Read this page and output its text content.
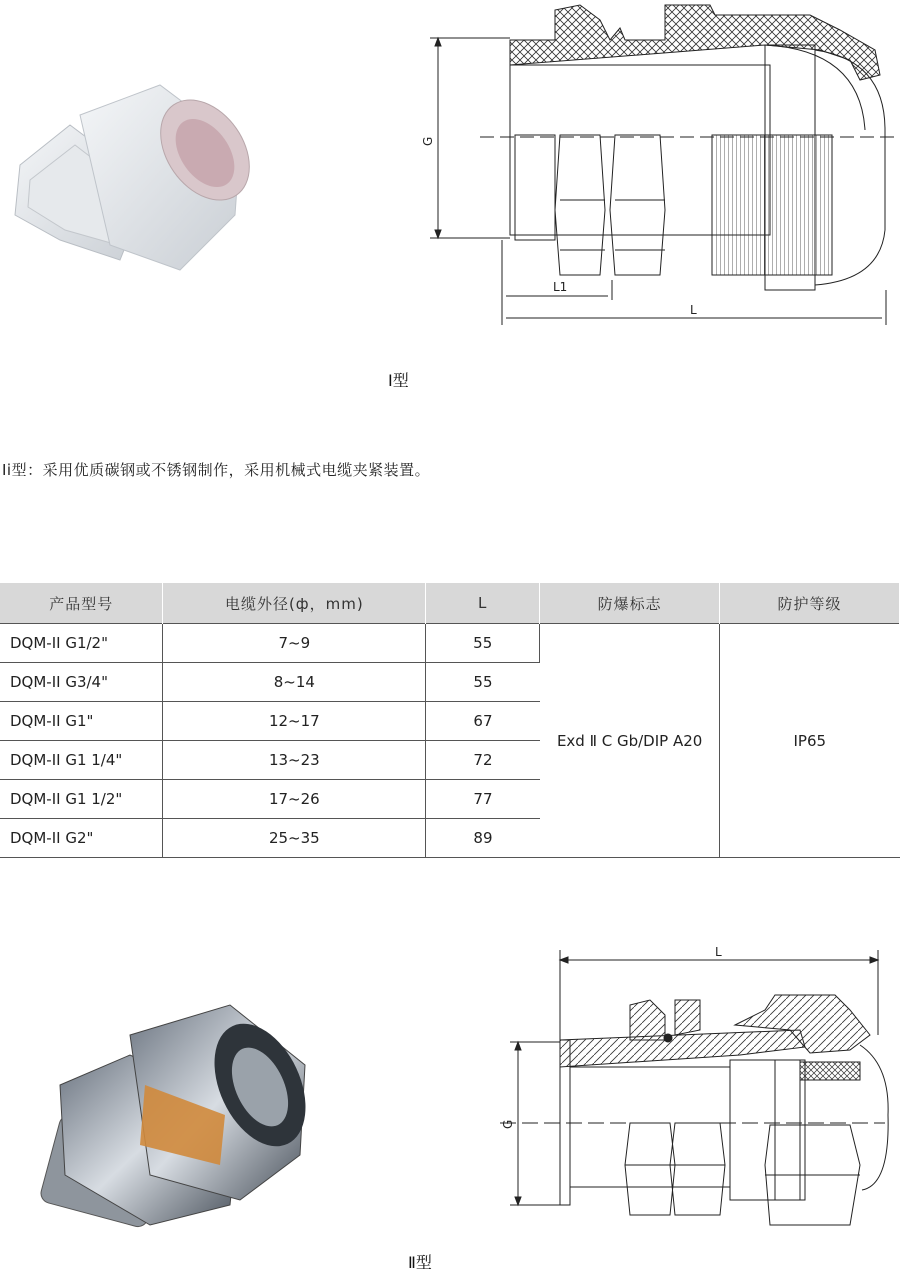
G
L1
L
Ⅰ型
Ii型：采用优质碳钢或不锈钢制作，采用机械式电缆夹紧装置。
产品型号	电缆外径(ф，mm)	L	防爆标志	防护等级
DQM-II G1/2"	7~9	55	Exd Ⅱ C Gb/DIP A20	IP65
DQM-II G3/4"	8~14	55		
DQM-II G1"	12~17	67		
DQM-II G1 1/4"	13~23	72		
DQM-II G1 1/2"	17~26	77		
DQM-II G2"	25~35	89		
L
G
Ⅱ型
